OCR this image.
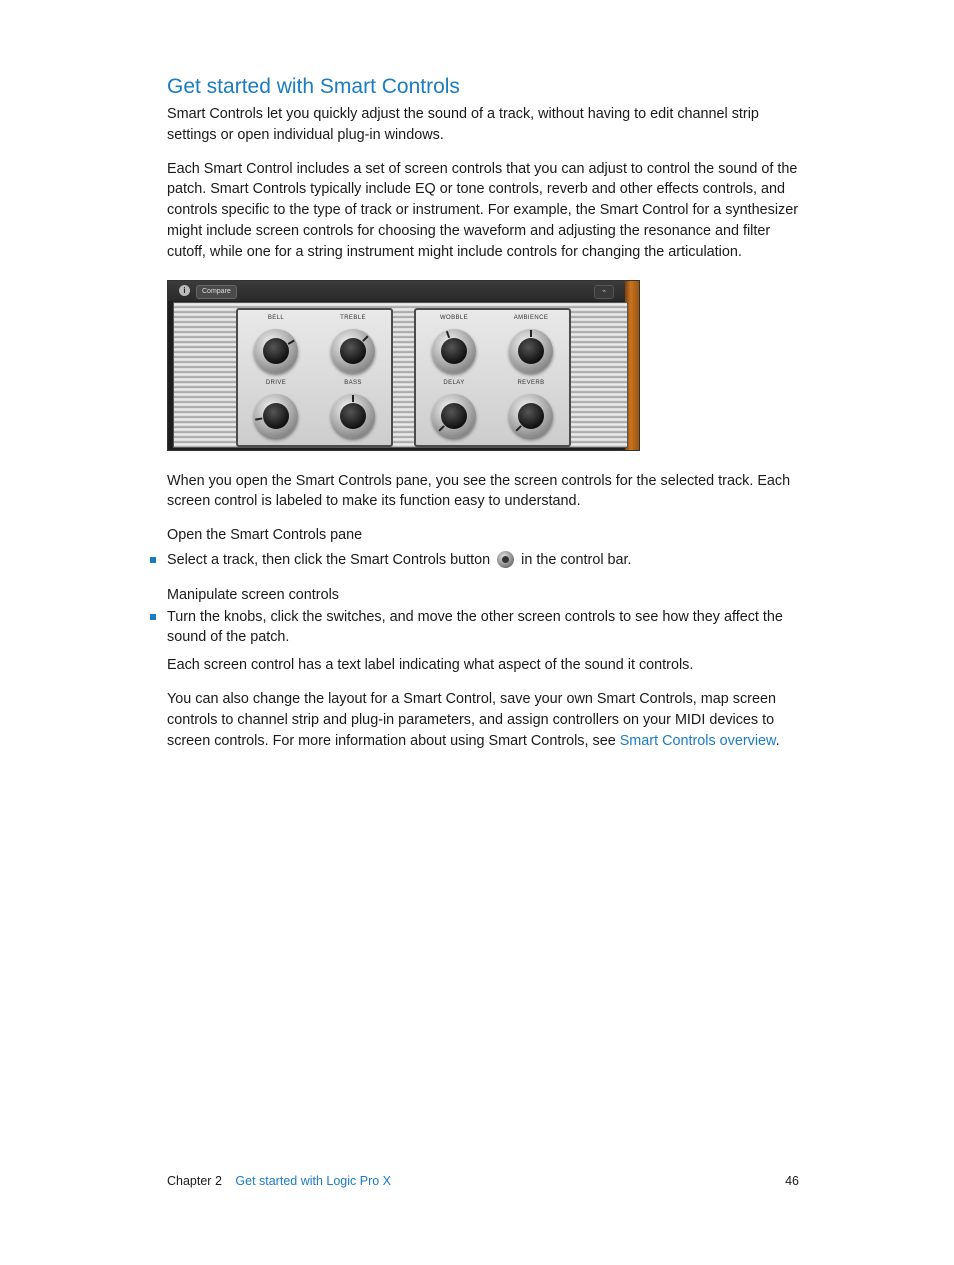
Get started with Smart Controls

Smart Controls let you quickly adjust the sound of a track, without having to edit channel strip settings or open individual plug-in windows.

Each Smart Control includes a set of screen controls that you can adjust to control the sound of the patch. Smart Controls typically include EQ or tone controls, reverb and other effects controls, and controls specific to the type of track or instrument. For example, the Smart Control for a synthesizer might include screen controls for choosing the waveform and adjusting the resonance and filter cutoff, while one for a string instrument might include controls for changing the articulation.

i	Compare	⌁
BELL	TREBLE
DRIVE	BASS
WOBBLE	AMBIENCE
DELAY	REVERB

When you open the Smart Controls pane, you see the screen controls for the selected track. Each screen control is labeled to make its function easy to understand.

Open the Smart Controls pane

Select a track, then click the Smart Controls button in the control bar.

Manipulate screen controls

Turn the knobs, click the switches, and move the other screen controls to see how they affect the sound of the patch.

Each screen control has a text label indicating what aspect of the sound it controls.

You can also change the layout for a Smart Control, save your own Smart Controls, map screen controls to channel strip and plug-in parameters, and assign controllers on your MIDI devices to screen controls. For more information about using Smart Controls, see Smart Controls overview.

Chapter 2 Get started with Logic Pro X	46
